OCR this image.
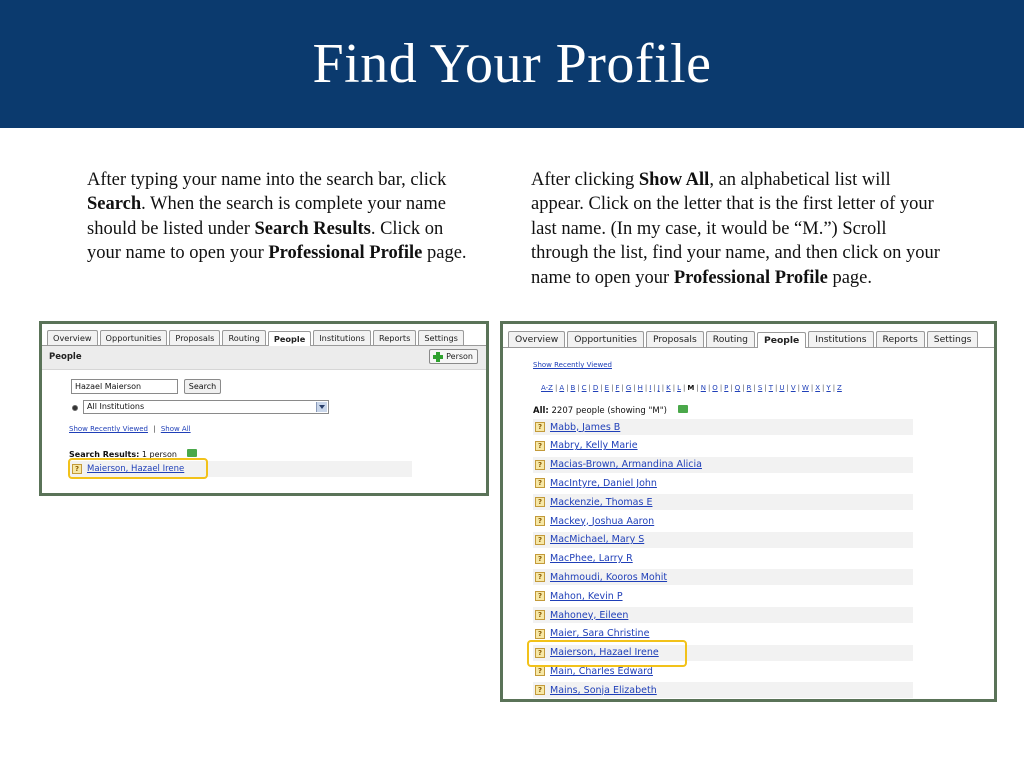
Find Your Profile
After typing your name into the search bar, click Search. When the search is complete your name should be listed under Search Results. Click on your name to open your Professional Profile page.
After clicking Show All, an alphabetical list will appear. Click on the letter that is the first letter of your last name. (In my case, it would be “M.”) Scroll through the list, find your name, and then click on your name to open your Professional Profile page.
Overview	Opportunities	Proposals	Routing	People	Institutions	Reports	Settings
People	Person
Hazael Maierson
Search
All Institutions
Show Recently Viewed | Show All
Search Results: 1 person
? Maierson, Hazael Irene
Overview	Opportunities	Proposals	Routing	People	Institutions	Reports	Settings
Show Recently Viewed
A-Z | A | B | C | D | E | F | G | H | I | J | K | L | M | N | O | P | Q | R | S | T | U | V | W | X | Y | Z
All: 2207 people (showing "M")
? Mabb, James B
? Mabry, Kelly Marie
? Macias-Brown, Armandina Alicia
? MacIntyre, Daniel John
? Mackenzie, Thomas E
? Mackey, Joshua Aaron
? MacMichael, Mary S
? MacPhee, Larry R
? Mahmoudi, Kooros Mohit
? Mahon, Kevin P
? Mahoney, Eileen
? Maier, Sara Christine
? Maierson, Hazael Irene
? Main, Charles Edward
? Mains, Sonja Elizabeth
